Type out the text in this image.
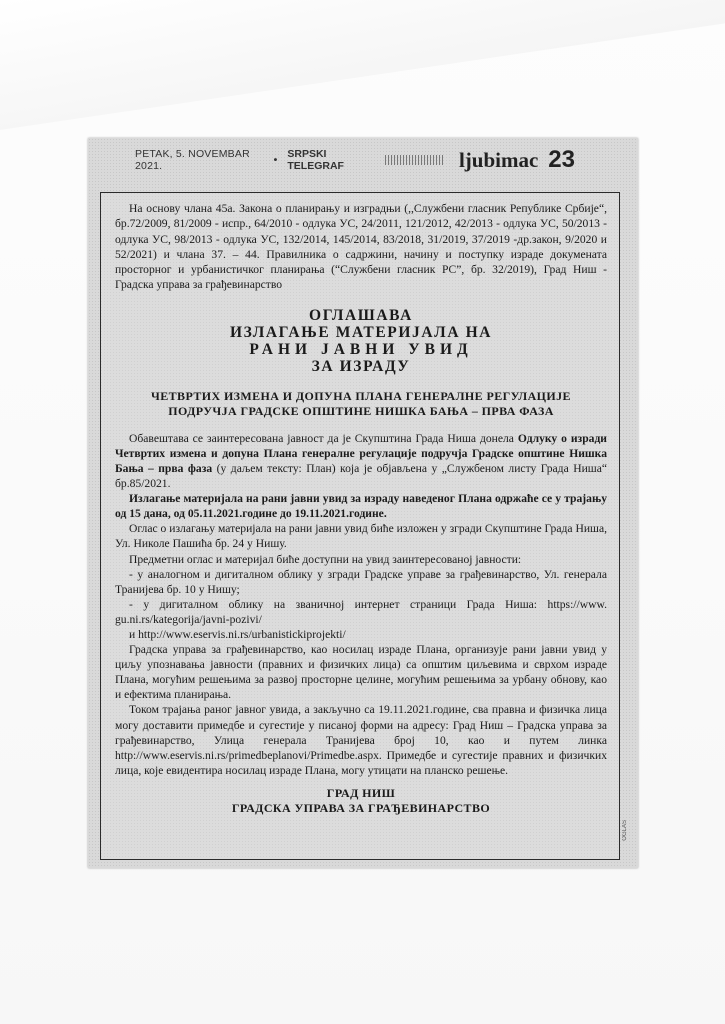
PETAK, 5. NOVEMBAR 2021.	• SRPSKI TELEGRAF	ljubimac 23

На основу члана 45а. Закона о планирању и изградњи (,,Службени гласник Републике Србије“, бр.72/2009, 81/2009 - испр., 64/2010 - одлука УС, 24/2011, 121/2012, 42/2013 - одлука УС, 50/2013 - одлука УС, 98/2013 - одлука УС, 132/2014, 145/2014, 83/2018, 31/2019, 37/2019 -др.закон, 9/2020 и 52/2021) и члана 37. – 44. Правилника о садржини, начину и поступку израде докумената просторног и урбанистичког планирања (“Службени гласник РС”, бр. 32/2019), Град Ниш - Градска управа за грађевинарство

ОГЛАШАВА
ИЗЛАГАЊЕ МАТЕРИЈАЛА НА
РАНИ ЈАВНИ УВИД
ЗА ИЗРАДУ
ЧЕТВРТИХ ИЗМЕНА И ДОПУНА ПЛАНА ГЕНЕРАЛНЕ РЕГУЛАЦИЈЕ
ПОДРУЧЈА ГРАДСКЕ ОПШТИНЕ НИШКА БАЊА – ПРВА ФАЗА

Обавештава се заинтересована јавност да је Скупштина Града Ниша донела Одлуку о изради Четвртих измена и допуна Плана генералне регулације подручја Градске општине Нишка Бања – прва фаза (у даљем тексту: План) која је објављена у „Службеном листу Града Ниша“ бр.85/2021.

Излагање материјала на рани јавни увид за израду наведеног Плана одржаће се у трајању од 15 дана, од 05.11.2021.године до 19.11.2021.године.

Оглас о излагању материјала на рани јавни увид биће изложен у згради Скупштине Града Ниша, Ул. Николе Пашића бр. 24 у Нишу.

Предметни оглас и материјал биће доступни на увид заинтересованој јавности:

- у аналогном и дигиталном облику у згради Градске управе за грађевинарство, Ул. генерала Транијева бр. 10 у Нишу;

- у дигиталном облику на званичној интернет страници Града Ниша: https://www. gu.ni.rs/kategorija/javni-pozivi/

и http://www.eservis.ni.rs/urbanistickiprojekti/

Градска управа за грађевинарство, као носилац израде Плана, организује рани јавни увид у циљу упознавања јавности (правних и физичких лица) са општим циљевима и сврхом израде Плана, могућим решењима за развој просторне целине, могућим решењима за урбану обнову, као и ефектима планирања.

Током трајања раног јавног увида, а закључно са 19.11.2021.године, сва правна и физичка лица могу доставити примедбе и сугестије у писаној форми на адресу: Град Ниш – Градска управа за грађевинарство, Улица генерала Транијева број 10, као и путем линка http://www.eservis.ni.rs/primedbeplanovi/Primedbe.aspx. Примедбе и сугестије правних и физичких лица, које евидентира носилац израде Плана, могу утицати на планско решење.

ГРАД НИШ
ГРАДСКА УПРАВА ЗА ГРАЂЕВИНАРСТВО
OGLAS
